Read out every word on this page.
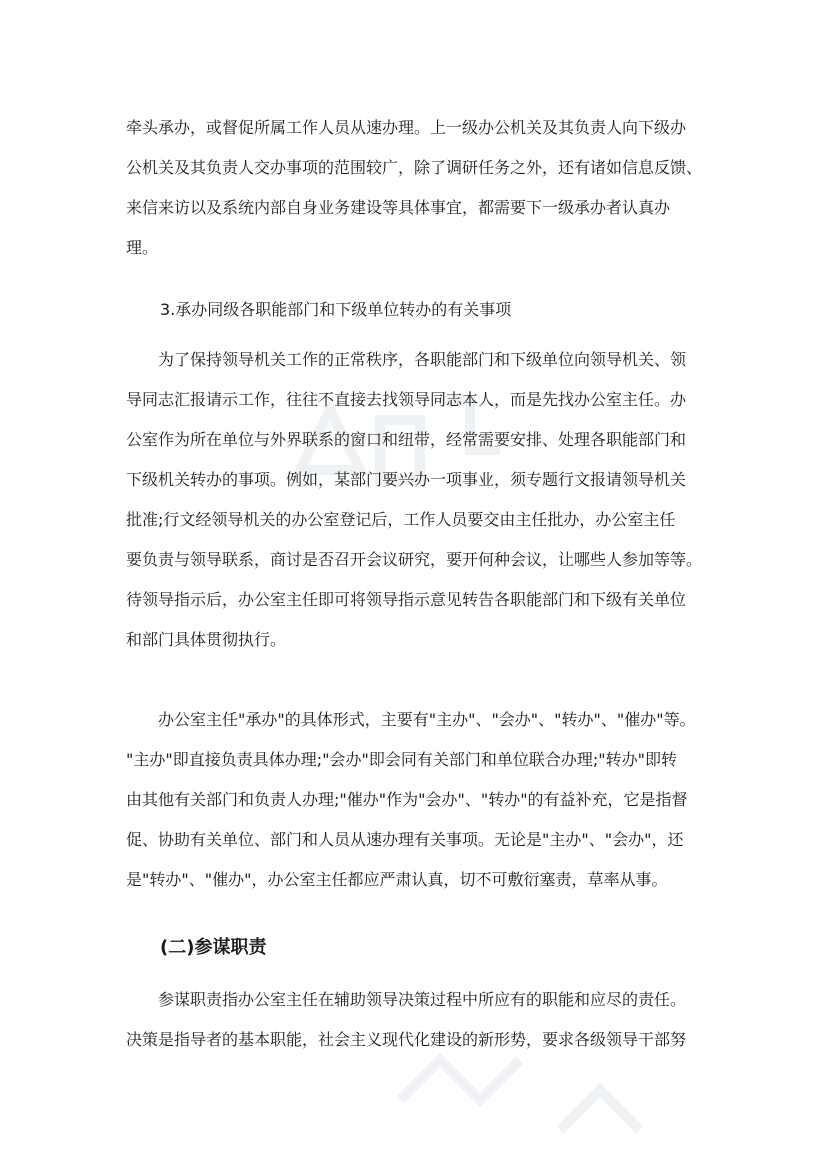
牵头承办，或督促所属工作人员从速办理。上一级办公机关及其负责人向下级办
公机关及其负责人交办事项的范围较广，除了调研任务之外，还有诸如信息反馈、
来信来访以及系统内部自身业务建设等具体事宜，都需要下一级承办者认真办
理。

3.承办同级各职能部门和下级单位转办的有关事项

　　为了保持领导机关工作的正常秩序，各职能部门和下级单位向领导机关、领
导同志汇报请示工作，往往不直接去找领导同志本人，而是先找办公室主任。办
公室作为所在单位与外界联系的窗口和纽带，经常需要安排、处理各职能部门和
下级机关转办的事项。例如，某部门要兴办一项事业，须专题行文报请领导机关
批准;行文经领导机关的办公室登记后，工作人员要交由主任批办，办公室主任
要负责与领导联系，商讨是否召开会议研究，要开何种会议，让哪些人参加等等。
待领导指示后，办公室主任即可将领导指示意见转告各职能部门和下级有关单位
和部门具体贯彻执行。
　　办公室主任"承办"的具体形式，主要有"主办"、"会办"、"转办"、"催办"等。
"主办"即直接负责具体办理;"会办"即会同有关部门和单位联合办理;"转办"即转
由其他有关部门和负责人办理;"催办"作为"会办"、"转办"的有益补充，它是指督
促、协助有关单位、部门和人员从速办理有关事项。无论是"主办"、"会办"，还
是"转办"、"催办"，办公室主任都应严肃认真，切不可敷衍塞责，草率从事。

(二)参谋职责

　　参谋职责指办公室主任在辅助领导决策过程中所应有的职能和应尽的责任。
决策是指导者的基本职能，社会主义现代化建设的新形势，要求各级领导干部努
